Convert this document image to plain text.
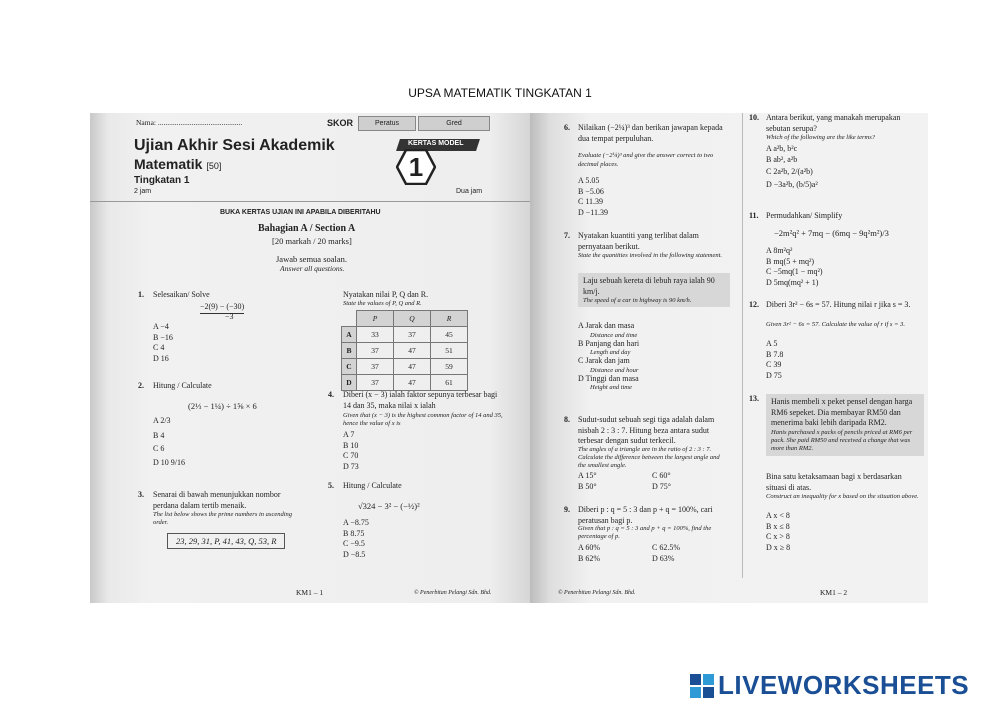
UPSA MATEMATIK TINGKATAN 1
Nama: .............................................	SKOR	Peratus	Gred
Ujian Akhir Sesi Akademik
Matematik [50]
Tingkatan 1
2 jam	Dua jam
KERTAS MODEL
1
BUKA KERTAS UJIAN INI APABILA DIBERITAHU
Bahagian A / Section A
[20 markah / 20 marks]
Jawab semua soalan.
Answer all questions.
1. Selesaikan/ Solve
−2(9) − (−30)
−3
A −4
B −16
C 4
D 16
2. Hitung / Calculate
(2⅓ − 1¼) ÷ 1⅝ × 6
A 2/3
B 4
C 6
D 10 9/16
3. Senarai di bawah menunjukkan nombor perdana dalam tertib menaik.
The list below shows the prime numbers in ascending order.
23, 29, 31, P, 41, 43, Q, 53, R
Nyatakan nilai P, Q dan R.
State the values of P, Q and R.
	P	Q	R
A	33	37	45
B	37	47	51
C	37	47	59
D	37	47	61
4. Diberi (x − 3) ialah faktor sepunya terbesar bagi 14 dan 35, maka nilai x ialah
Given that (x − 3) is the highest common factor of 14 and 35, hence the value of x is
A 7
B 10
C 70
D 73
5. Hitung / Calculate
√324 − 3² − (−½)²
A −8.75
B 8.75
C −9.5
D −8.5
KM1 – 1	© Penerbitan Pelangi Sdn. Bhd.
6. Nilaikan (−2¼)³ dan berikan jawapan kepada dua tempat perpuluhan.
Evaluate (−2¼)³ and give the answer correct to two decimal places.
A 5.05
B −5.06
C 11.39
D −11.39
7. Nyatakan kuantiti yang terlibat dalam pernyataan berikut.
State the quantities involved in the following statement.
Laju sebuah kereta di lebuh raya ialah 90 km/j.
The speed of a car in highway is 90 km/h.
A Jarak dan masa
Distance and time
B Panjang dan hari
Length and day
C Jarak dan jam
Distance and hour
D Tinggi dan masa
Height and time
8. Sudut-sudut sebuah segi tiga adalah dalam nisbah 2 : 3 : 7. Hitung beza antara sudut terbesar dengan sudut terkecil.
The angles of a triangle are in the ratio of 2 : 3 : 7. Calculate the difference between the largest angle and the smallest angle.
A 15°	C 60°
B 50°	D 75°
9. Diberi p : q = 5 : 3 dan p + q = 100%, cari peratusan bagi p.
Given that p : q = 5 : 3 and p + q = 100%, find the percentage of p.
A 60%	C 62.5%
B 62%	D 63%
© Penerbitan Pelangi Sdn. Bhd.
10. Antara berikut, yang manakah merupakan sebutan serupa?
Which of the following are the like terms?
A a²b, b²c
B ab², a²b
C 2a²b, 2/(a²b)
D −3a²b, (b/5)a²
11. Permudahkan/ Simplify
−2m²q² + 7mq − (6mq − 9q²m²)/3
A 8m²q²
B mq(5 + mq²)
C −5mq(1 − mq²)
D 5mq(mq² + 1)
12. Diberi 3r² − 6s = 57. Hitung nilai r jika s = 3.
Given 3r² − 6s = 57. Calculate the value of r if s = 3.
A 5
B 7.8
C 39
D 75
13. Hanis membeli x peket pensel dengan harga RM6 sepeket. Dia membayar RM50 dan menerima baki lebih daripada RM2.
Hanis purchased x packs of pencils priced at RM6 per pack. She paid RM50 and received a change that was more than RM2.
Bina satu ketaksamaan bagi x berdasarkan situasi di atas.
Construct an inequality for x based on the situation above.
A x < 8
B x ≤ 8
C x > 8
D x ≥ 8
KM1 – 2
LIVEWORKSHEETS
